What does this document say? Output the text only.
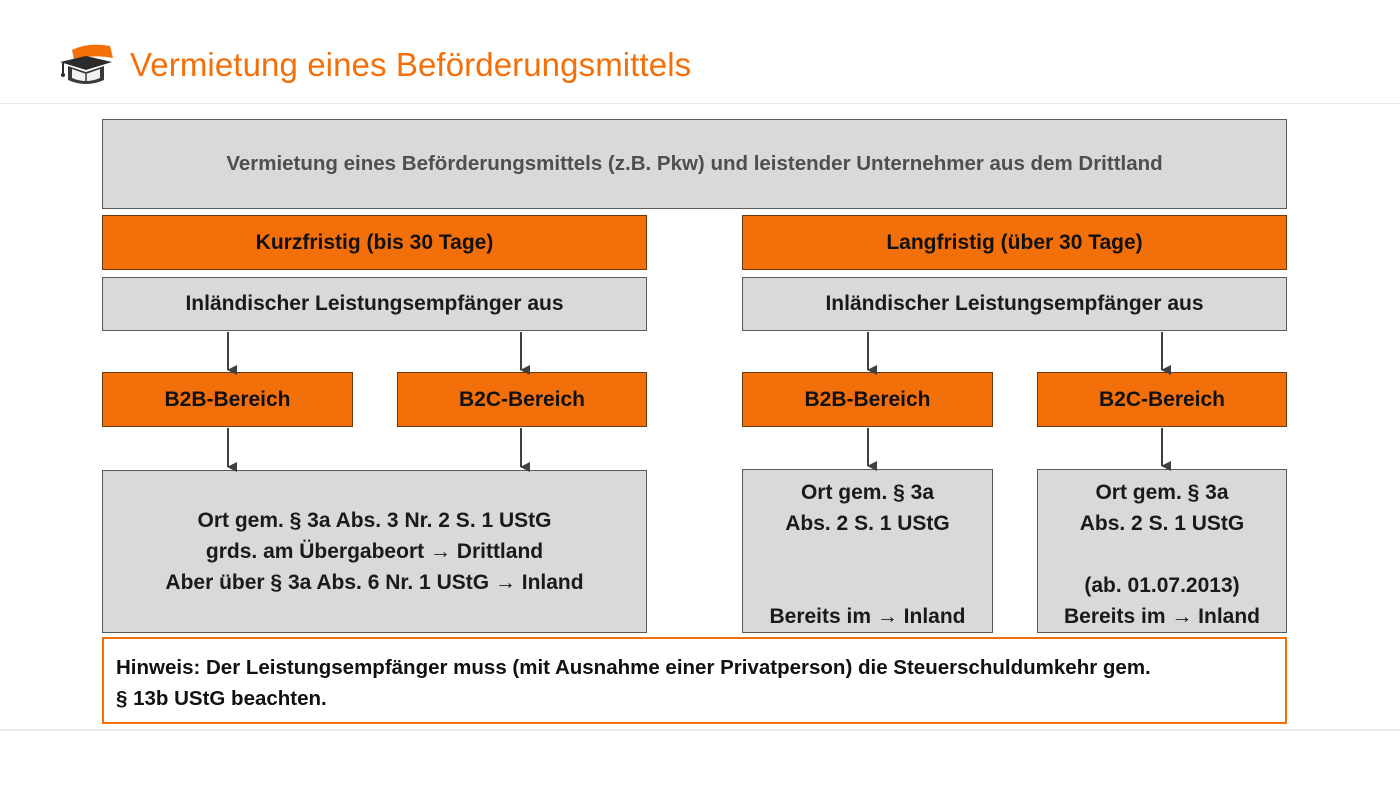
Vermietung eines Beförderungsmittels
Vermietung eines Beförderungsmittels (z.B. Pkw) und leistender Unternehmer aus dem Drittland
Kurzfristig (bis 30 Tage)
Inländischer Leistungsempfänger aus
B2B-Bereich	B2C-Bereich
Ort gem. § 3a Abs. 3 Nr. 2 S. 1 UStG
grds. am Übergabeort → Drittland
Aber über § 3a Abs. 6 Nr. 1 UStG → Inland
Langfristig (über 30 Tage)
Inländischer Leistungsempfänger aus
B2B-Bereich	B2C-Bereich
Ort gem. § 3a
Abs. 2 S. 1 UStG
Bereits im → Inland
Ort gem. § 3a
Abs. 2 S. 1 UStG
(ab. 01.07.2013)
Bereits im → Inland
Hinweis: Der Leistungsempfänger muss (mit Ausnahme einer Privatperson) die Steuerschuldumkehr gem.
§ 13b UStG beachten.
